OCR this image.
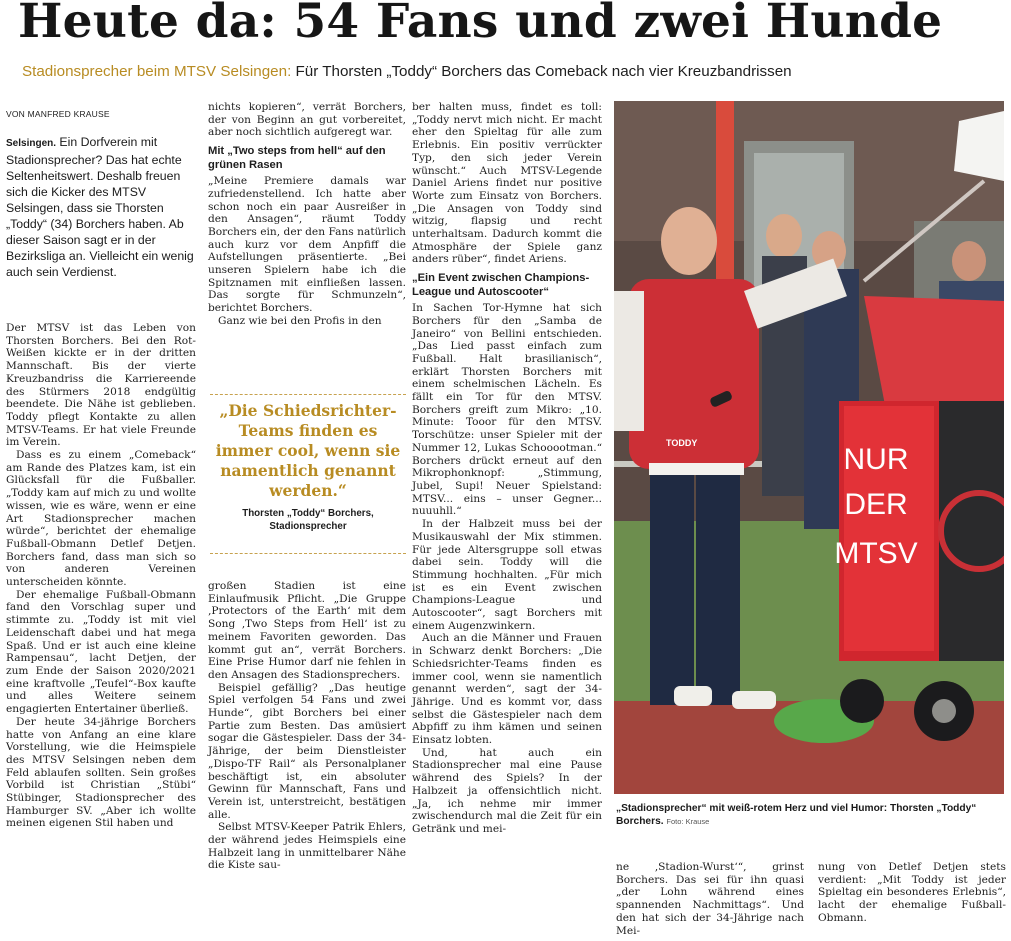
Heute da: 54 Fans und zwei Hunde
Stadionsprecher beim MTSV Selsingen: Für Thorsten „Toddy“ Borchers das Comeback nach vier Kreuzbandrissen
VON MANFRED KRAUSE
Selsingen. Ein Dorfverein mit Stadionsprecher? Das hat echte Seltenheitswert. Deshalb freuen sich die Kicker des MTSV Selsingen, dass sie Thorsten „Toddy“ (34) Borchers haben. Ab dieser Saison sagt er in der Bezirksliga an. Vielleicht ein wenig auch sein Verdienst.

Der MTSV ist das Leben von Thorsten Borchers. Bei den Rot-Weißen kickte er in der dritten Mannschaft. Bis der vierte Kreuzbandriss die Karriereende des Stürmers 2018 endgültig beendete. Die Nähe ist geblieben. Toddy pflegt Kontakte zu allen MTSV-Teams. Er hat viele Freunde im Verein.

Dass es zu einem „Comeback“ am Rande des Platzes kam, ist ein Glücksfall für die Fußballer. „Toddy kam auf mich zu und wollte wissen, wie es wäre, wenn er eine Art Stadionsprecher machen würde“, berichtet der ehemalige Fußball-Obmann Detlef Detjen. Borchers fand, dass man sich so von anderen Vereinen unterscheiden könnte.

Der ehemalige Fußball-Obmann fand den Vorschlag super und stimmte zu. „Toddy ist mit viel Leidenschaft dabei und hat mega Spaß. Und er ist auch eine kleine Rampensau“, lacht Detjen, der zum Ende der Saison 2020/2021 eine kraftvolle „Teufel“-Box kaufte und alles Weitere seinem engagierten Entertainer überließ.

Der heute 34-jährige Borchers hatte von Anfang an eine klare Vorstellung, wie die Heimspiele des MTSV Selsingen neben dem Feld ablaufen sollten. Sein großes Vorbild ist Christian „Stübi“ Stübinger, Stadionsprecher des Hamburger SV. „Aber ich wollte meinen eigenen Stil haben und

nichts kopieren“, verrät Borchers, der von Beginn an gut vorbereitet, aber noch sichtlich aufgeregt war.

Mit „Two steps from hell“ auf den grünen Rasen

„Meine Premiere damals war zufriedenstellend. Ich hatte aber schon noch ein paar Ausreißer in den Ansagen“, räumt Toddy Borchers ein, der den Fans natürlich auch kurz vor dem Anpfiff die Aufstellungen präsentierte. „Bei unseren Spielern habe ich die Spitznamen mit einfließen lassen. Das sorgte für Schmunzeln“, berichtet Borchers.

Ganz wie bei den Profis in den

„Die Schiedsrichter-Teams finden es immer cool, wenn sie namentlich genannt werden.“
Thorsten „Toddy“ Borchers, Stadionsprecher

großen Stadien ist eine Einlaufmusik Pflicht. „Die Gruppe ‚Protectors of the Earth‘ mit dem Song ‚Two Steps from Hell‘ ist zu meinem Favoriten geworden. Das kommt gut an“, verrät Borchers. Eine Prise Humor darf nie fehlen in den Ansagen des Stadionsprechers.

Beispiel gefällig? „Das heutige Spiel verfolgen 54 Fans und zwei Hunde“, gibt Borchers bei einer Partie zum Besten. Das amüsiert sogar die Gästespieler. Dass der 34-Jährige, der beim Dienstleister „Dispo-TF Rail“ als Personalplaner beschäftigt ist, ein absoluter Gewinn für Mannschaft, Fans und Verein ist, unterstreicht, bestätigen alle.

Selbst MTSV-Keeper Patrik Ehlers, der während jedes Heimspiels eine Halbzeit lang in unmittelbarer Nähe die Kiste sau-

ber halten muss, findet es toll: „Toddy nervt mich nicht. Er macht eher den Spieltag für alle zum Erlebnis. Ein positiv verrückter Typ, den sich jeder Verein wünscht.“ Auch MTSV-Legende Daniel Ariens findet nur positive Worte zum Einsatz von Borchers. „Die Ansagen von Toddy sind witzig, flapsig und recht unterhaltsam. Dadurch kommt die Atmosphäre der Spiele ganz anders rüber“, findet Ariens.

„Ein Event zwischen Champions-League und Autoscooter“

In Sachen Tor-Hymne hat sich Borchers für den „Samba de Janeiro“ von Bellini entschieden. „Das Lied passt einfach zum Fußball. Halt brasilianisch“, erklärt Thorsten Borchers mit einem schelmischen Lächeln. Es fällt ein Tor für den MTSV. Borchers greift zum Mikro: „10. Minute: Tooor für den MTSV. Torschütze: unser Spieler mit der Nummer 12, Lukas Schooootman.“ Borchers drückt erneut auf den Mikrophonknopf: „Stimmung, Jubel, Supi! Neuer Spielstand: MTSV... eins – unser Gegner... nuuuhll.“

In der Halbzeit muss bei der Musikauswahl der Mix stimmen. Für jede Altersgruppe soll etwas dabei sein. Toddy will die Stimmung hochhalten. „Für mich ist es ein Event zwischen Champions-League und Autoscooter“, sagt Borchers mit einem Augenzwinkern.

Auch an die Männer und Frauen in Schwarz denkt Borchers: „Die Schiedsrichter-Teams finden es immer cool, wenn sie namentlich genannt werden“, sagt der 34-Jährige. Und es kommt vor, dass selbst die Gästespieler nach dem Abpfiff zu ihm kämen und seinen Einsatz lobten.

Und, hat auch ein Stadionsprecher mal eine Pause während des Spiels? In der Halbzeit ja offensichtlich nicht. „Ja, ich nehme mir immer zwischendurch mal die Zeit für ein Getränk und mei-

TODDY	NUR
DER
MTSV
„Stadionsprecher“ mit weiß-rotem Herz und viel Humor: Thorsten „Toddy“ Borchers. Foto: Krause

ne ‚Stadion-Wurst‘“, grinst Borchers. Das sei für ihn quasi „der Lohn während eines spannenden Nachmittags“. Und den hat sich der 34-Jährige nach Mei-

nung von Detlef Detjen stets verdient: „Mit Toddy ist jeder Spieltag ein besonderes Erlebnis“, lacht der ehemalige Fußball-Obmann.
